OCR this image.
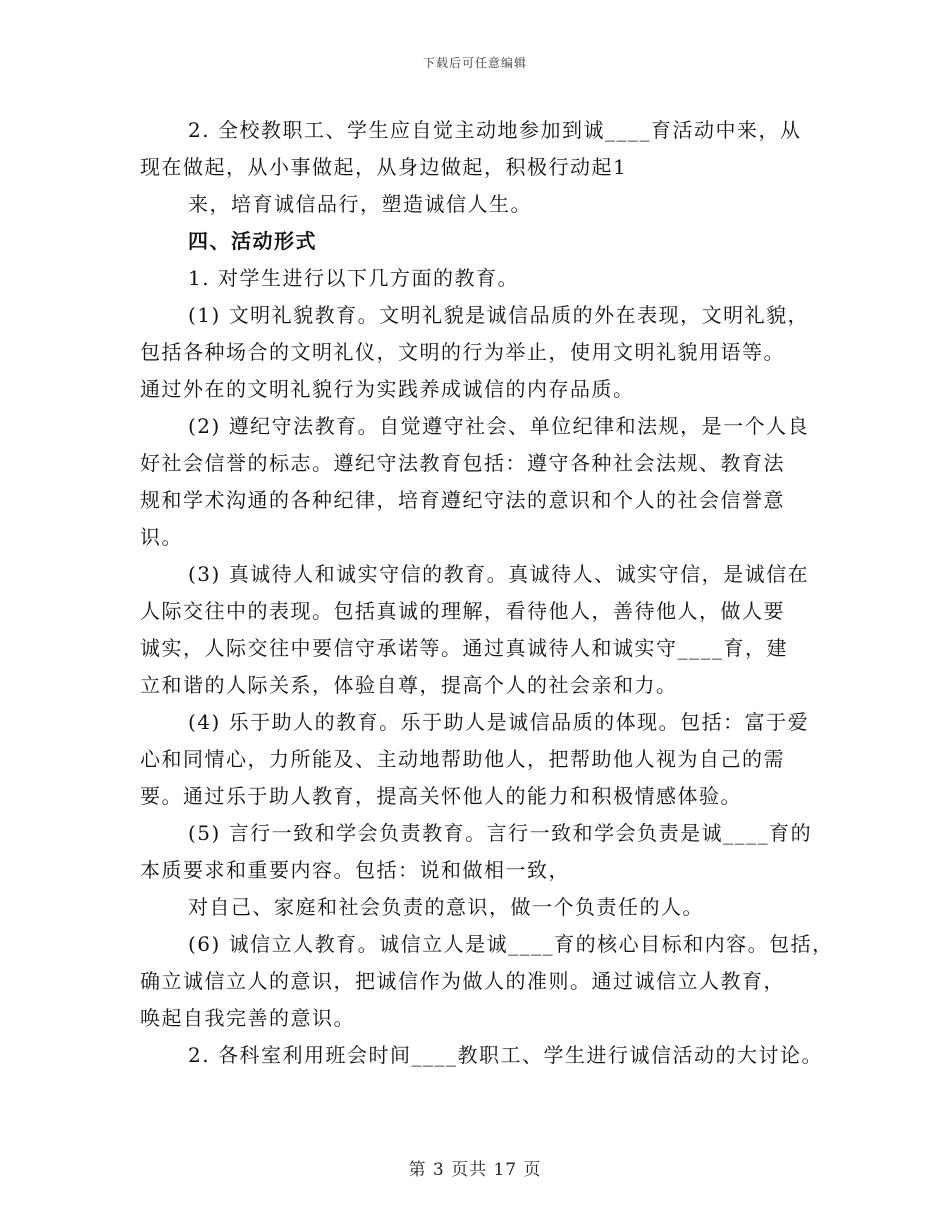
下载后可任意编辑
2. 全校教职工、学生应自觉主动地参加到诚____育活动中来，从
现在做起，从小事做起，从身边做起，积极行动起1
来，培育诚信品行，塑造诚信人生。
四、活动形式
1. 对学生进行以下几方面的教育。
(1) 文明礼貌教育。文明礼貌是诚信品质的外在表现，文明礼貌，
包括各种场合的文明礼仪，文明的行为举止，使用文明礼貌用语等。
通过外在的文明礼貌行为实践养成诚信的内存品质。
(2) 遵纪守法教育。自觉遵守社会、单位纪律和法规，是一个人良
好社会信誉的标志。遵纪守法教育包括：遵守各种社会法规、教育法
规和学术沟通的各种纪律，培育遵纪守法的意识和个人的社会信誉意
识。
(3) 真诚待人和诚实守信的教育。真诚待人、诚实守信，是诚信在
人际交往中的表现。包括真诚的理解，看待他人，善待他人，做人要
诚实，人际交往中要信守承诺等。通过真诚待人和诚实守____育，建
立和谐的人际关系，体验自尊，提高个人的社会亲和力。
(4) 乐于助人的教育。乐于助人是诚信品质的体现。包括：富于爱
心和同情心，力所能及、主动地帮助他人，把帮助他人视为自己的需
要。通过乐于助人教育，提高关怀他人的能力和积极情感体验。
(5) 言行一致和学会负责教育。言行一致和学会负责是诚____育的
本质要求和重要内容。包括：说和做相一致，
对自己、家庭和社会负责的意识，做一个负责任的人。
(6) 诚信立人教育。诚信立人是诚____育的核心目标和内容。包括，
确立诚信立人的意识，把诚信作为做人的准则。通过诚信立人教育，
唤起自我完善的意识。
2. 各科室利用班会时间____教职工、学生进行诚信活动的大讨论。
第 3 页共 17 页
